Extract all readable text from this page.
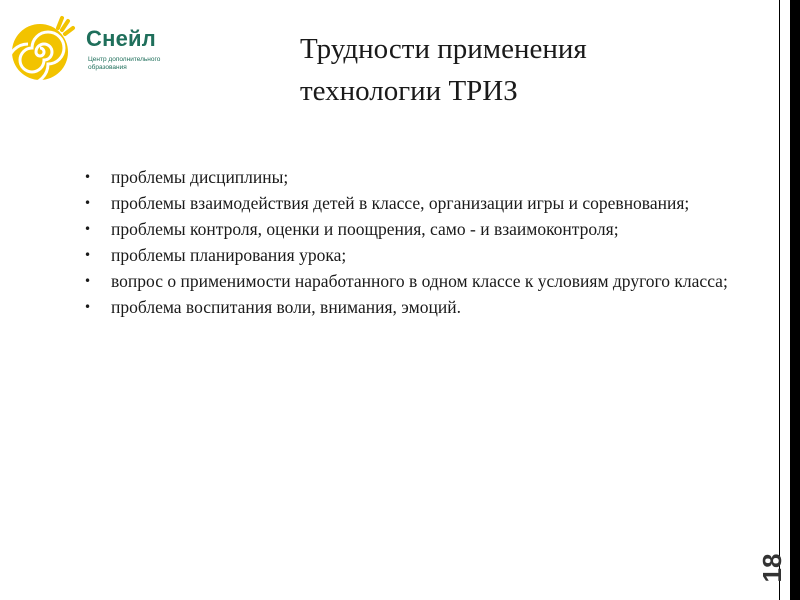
Снейл
Центр дополнительного образования
Трудности применения
технологии ТРИЗ
• проблемы дисциплины;
• проблемы взаимодействия детей в классе, организации игры и соревнования;
• проблемы контроля, оценки и поощрения, само - и взаимоконтроля;
• проблемы планирования урока;
• вопрос о применимости наработанного в одном классе к условиям другого класса;
• проблема воспитания воли, внимания, эмоций.
18
